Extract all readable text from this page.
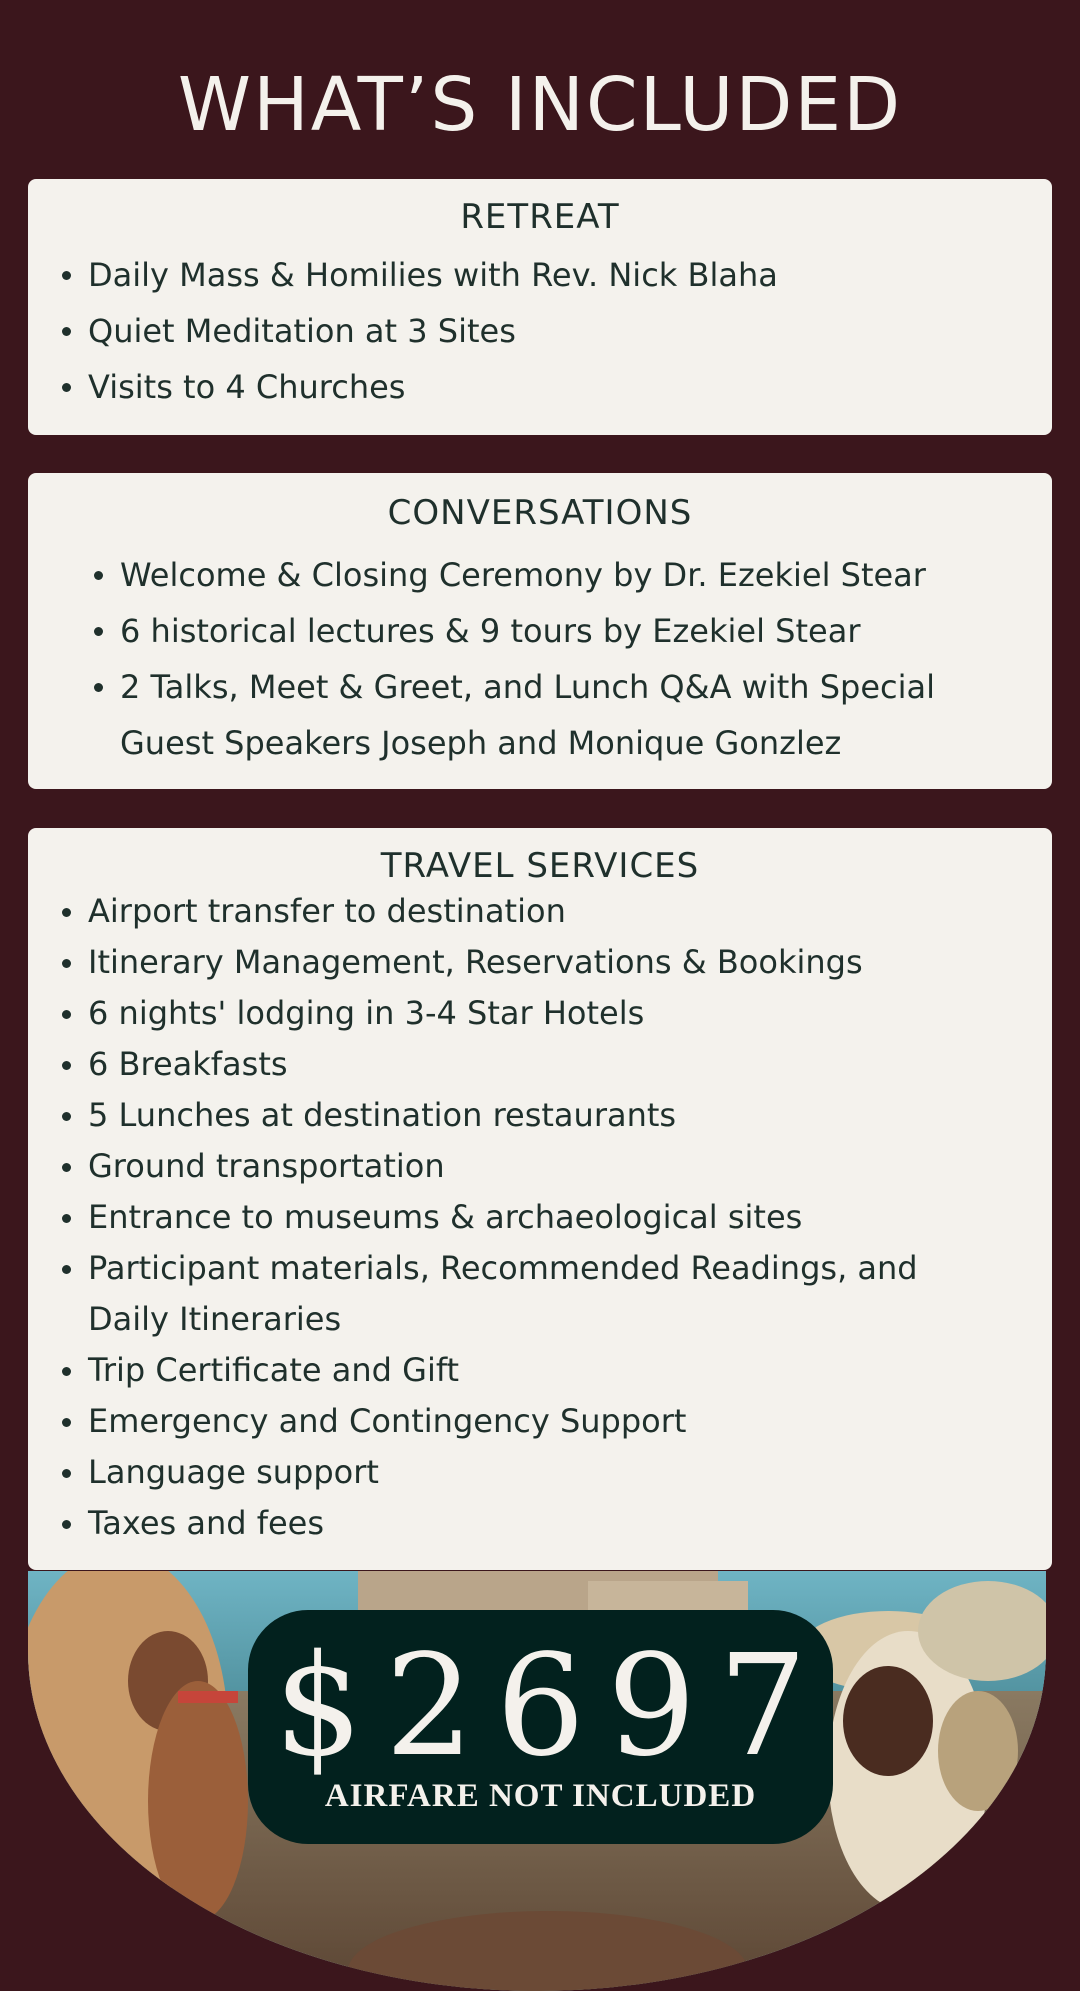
WHAT’S INCLUDED
RETREAT
Daily Mass & Homilies with Rev. Nick Blaha
Quiet Meditation at 3 Sites
Visits to 4 Churches
CONVERSATIONS
Welcome & Closing Ceremony by Dr. Ezekiel Stear
6 historical lectures & 9 tours by Ezekiel Stear
2 Talks, Meet & Greet, and Lunch Q&A with Special Guest Speakers Joseph and Monique Gonzlez
TRAVEL SERVICES
Airport transfer to destination
Itinerary Management, Reservations & Bookings
6 nights' lodging in 3-4 Star Hotels
6 Breakfasts
5 Lunches at destination restaurants
Ground transportation
Entrance to museums & archaeological sites
Participant materials, Recommended Readings, and Daily Itineraries
Trip Certificate and Gift
Emergency and Contingency Support
Language support
Taxes and fees
$2697
AIRFARE NOT INCLUDED
